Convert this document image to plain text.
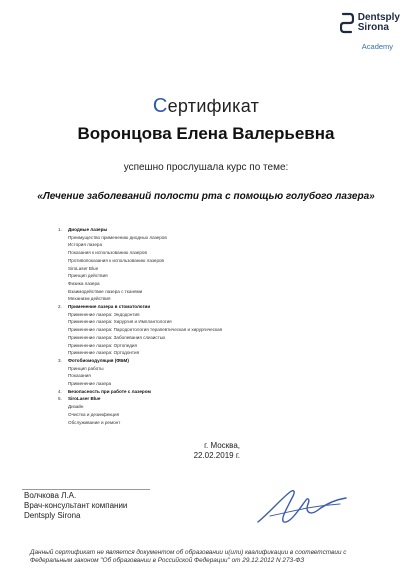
Dentsply
Sirona
Academy
Сертификат
Воронцова Елена Валерьевна
успешно прослушала курс по теме:
«Лечение заболеваний полости рта с помощью голубого лазера»
1.	Диодные лазеры
Преимущество применению диодных лазеров
История лазера
Показания к использованию лазеров
Противопоказания к использованию лазеров
SiroLaser Blue
Принцип действия
Физика лазера
Взаимодействие лазера с тканями
Механизм действия
2.	Применение лазера в стоматологии
Применение лазера: Эндодонтия
Применение лазера: Хирургия и Имплантология
Применение лазера: Пародонтология терапевтическая и хирургическая
Применение лазера: Заболевания слизистых
Применение лазера: Ортопедия
Применение лазера: Ортодонтия
3.	Фотобиомодуляция (ФБМ)
Принцип работы
Показания
Применение лазера
4.	Безопасность при работе с лазером
5.	SiroLaser Blue
Дизайн
Очистка и дезинфекция
Обслуживание и ремонт
г. Москва,
22.02.2019 г.
Волчкова Л.А.
Врач-консультант компании
Dentsply Sirona
Данный сертификат не является документом об образовании и(или) квалификации в соответствии с Федеральным законом "Об образовании в Российской Федерации" от 29.12.2012 N 273-ФЗ
